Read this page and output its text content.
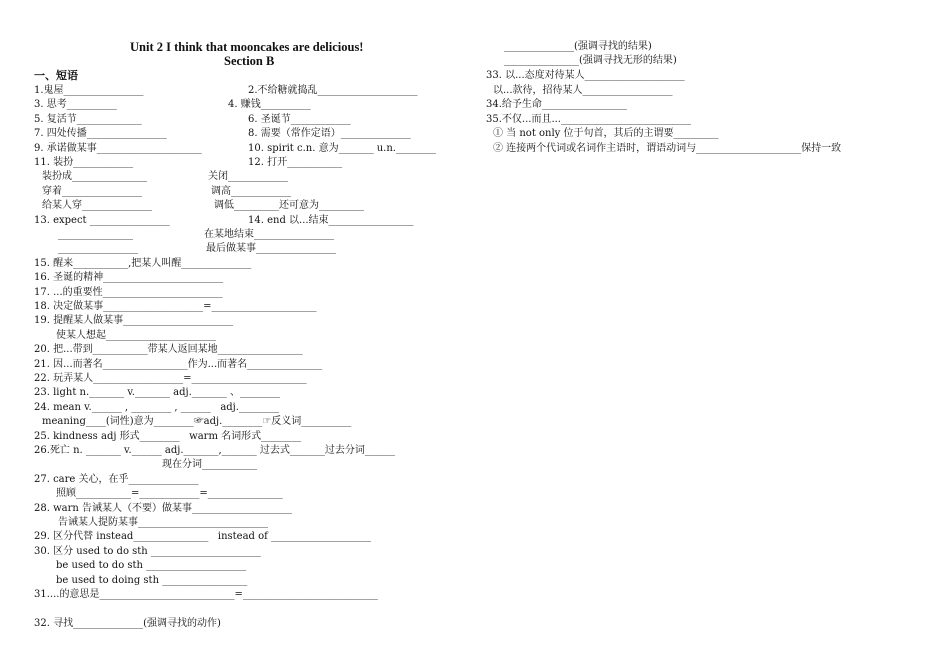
Unit 2 I think that mooncakes are delicious!
Section B
一、短语
1.鬼屋________________	2.不给糖就捣乱____________________
3. 思考__________	4. 赚钱__________
5. 复活节_____________	6. 圣诞节____________
7. 四处传播________________	8. 需要（常作定语）______________
9. 承诺做某事_____________________	10. spirit c.n. 意为_______ u.n.________
11. 装扮____________	12. 打开___________
装扮成_______________	关闭____________
穿着________________	调高____________
给某人穿______________	调低_________还可意为_________
13. expect ________________	14. end 以...结束_________________
_______________	在某地结束________________
________________	最后做某事________________
15. 醒来___________,把某人叫醒______________
16. 圣诞的精神________________________
17. ...的重要性________________________
18. 决定做某事____________________=_____________________
19. 提醒某人做某事______________________
使某人想起______________________
20. 把...带到___________带某人返回某地_________________
21. 因...而著名_________________作为...而著名_______________
22. 玩弄某人__________________=_______________________
23. light n._______ v._______ adj._______ 、________
24. mean v.______ , ________ , ______   adj.________
meaning____(词性)意为________☞adj.________☞反义词__________
25. kindness adj 形式________   warm 名词形式________
26.死亡 n. _______ v.______ adj._______,_______ 过去式_______过去分词______
现在分词___________
27. care 关心，在乎______________
照顾___________=____________=_______________
28. warn 告诫某人（不要）做某事____________________
告诫某人提防某事__________________________
29. 区分代替 instead_______________   instead of ____________________
30. 区分 used to do sth ______________________
be used to do sth ____________________
be used to doing sth _________________
31....的意思是___________________________=___________________________
32. 寻找______________(强调寻找的动作)
______________(强调寻找的结果)
_______________(强调寻找无形的结果)
33. 以...态度对待某人____________________
以...款待，招待某人__________________
34.给予生命_________________
35.不仅...而且...__________________________
① 当 not only 位于句首，其后的主谓要_________
② 连接两个代词或名词作主语时，谓语动词与_____________________保持一致
